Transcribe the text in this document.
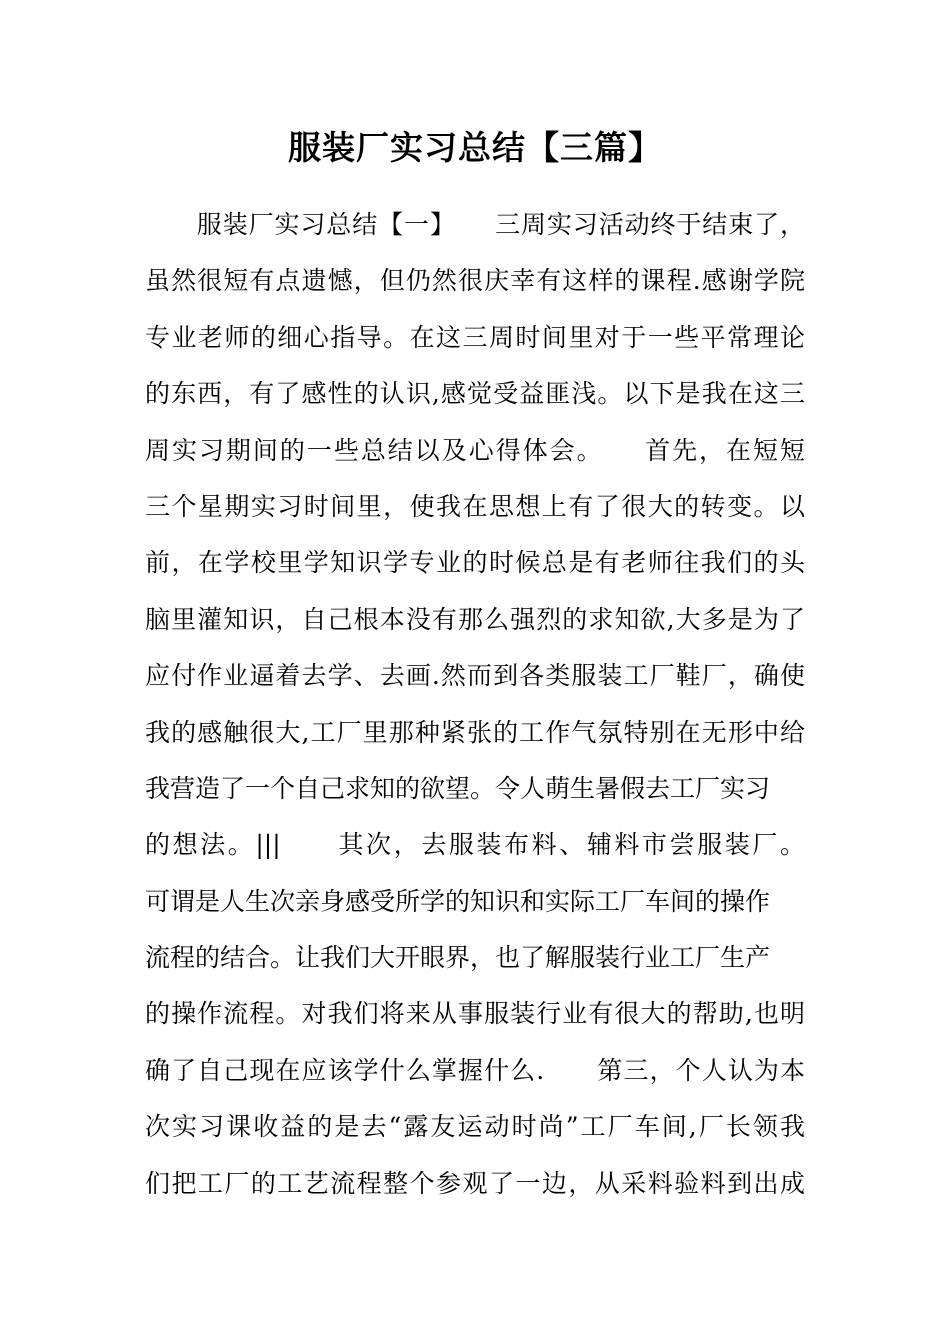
服装厂实习总结【三篇】
　　服装厂实习总结【一】　　三周实习活动终于结束了，
虽然很短有点遗憾，但仍然很庆幸有这样的课程.感谢学院
专业老师的细心指导。在这三周时间里对于一些平常理论
的东西，有了感性的认识,感觉受益匪浅。以下是我在这三
周实习期间的一些总结以及心得体会。　　首先，在短短
三个星期实习时间里，使我在思想上有了很大的转变。以
前，在学校里学知识学专业的时候总是有老师往我们的头
脑里灌知识，自己根本没有那么强烈的求知欲,大多是为了
应付作业逼着去学、去画.然而到各类服装工厂鞋厂，确使
我的感触很大,工厂里那种紧张的工作气氛特别在无形中给
我营造了一个自己求知的欲望。令人萌生暑假去工厂实习
的想法。|||　　其次，去服装布料、辅料市尝服装厂。
可谓是人生次亲身感受所学的知识和实际工厂车间的操作
流程的结合。让我们大开眼界，也了解服装行业工厂生产
的操作流程。对我们将来从事服装行业有很大的帮助,也明
确了自己现在应该学什么掌握什么.　　第三，个人认为本
次实习课收益的是去“露友运动时尚”工厂车间,厂长领我
们把工厂的工艺流程整个参观了一边，从采料验料到出成
